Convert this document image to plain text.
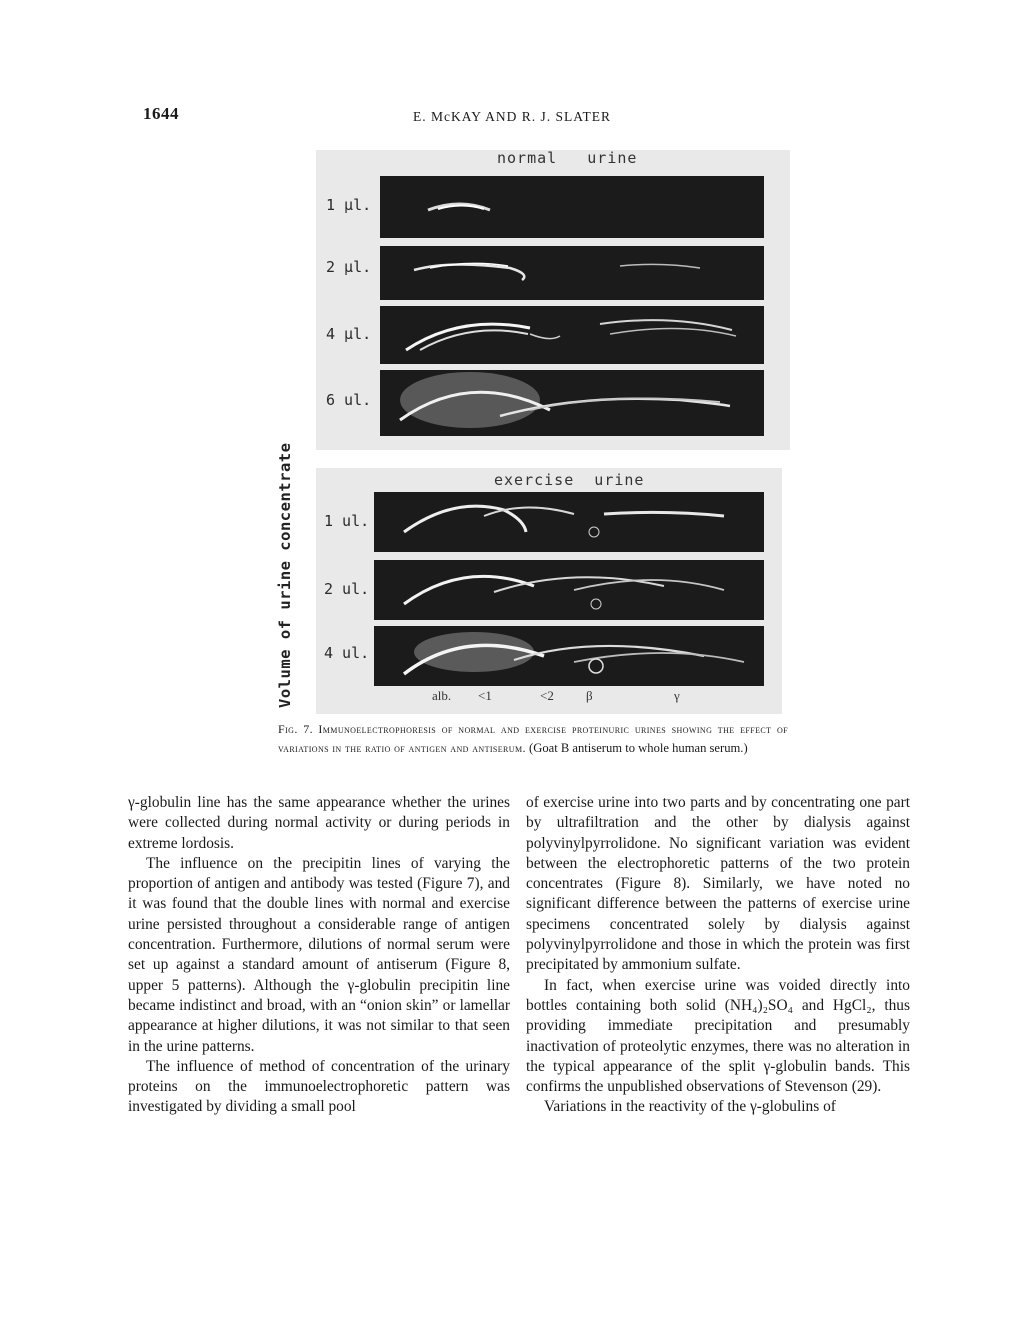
1644	E. McKAY AND R. J. SLATER
Volume of urine concentrate
normal   urine
1 µl.
2 µl.
4 µl.
6 ul.
exercise  urine
1 ul.
2 ul.
4 ul.
alb. <1	<2 β	γ
Fig. 7. Immunoelectrophoresis of normal and exercise proteinuric urines showing the effect of variations in the ratio of antigen and antiserum. (Goat B antiserum to whole human serum.)

γ-globulin line has the same appearance whether the urines were collected during normal activity or during periods in extreme lordosis.

The influence on the precipitin lines of varying the proportion of antigen and antibody was tested (Figure 7), and it was found that the double lines with normal and exercise urine persisted throughout a considerable range of antigen concentration. Furthermore, dilutions of normal serum were set up against a standard amount of antiserum (Figure 8, upper 5 patterns). Although the γ-globulin precipitin line became indistinct and broad, with an “onion skin” or lamellar appearance at higher dilutions, it was not similar to that seen in the urine patterns.

The influence of method of concentration of the urinary proteins on the immunoelectrophoretic pattern was investigated by dividing a small pool

of exercise urine into two parts and by concentrating one part by ultrafiltration and the other by dialysis against polyvinylpyrrolidone. No significant variation was evident between the electrophoretic patterns of the two protein concentrates (Figure 8). Similarly, we have noted no significant difference between the patterns of exercise urine specimens concentrated solely by dialysis against polyvinylpyrrolidone and those in which the protein was first precipitated by ammonium sulfate.

In fact, when exercise urine was voided directly into bottles containing both solid (NH₄)₂SO₄ and HgCl₂, thus providing immediate precipitation and presumably inactivation of proteolytic enzymes, there was no alteration in the typical appearance of the split γ-globulin bands. This confirms the unpublished observations of Stevenson (29).

Variations in the reactivity of the γ-globulins of
